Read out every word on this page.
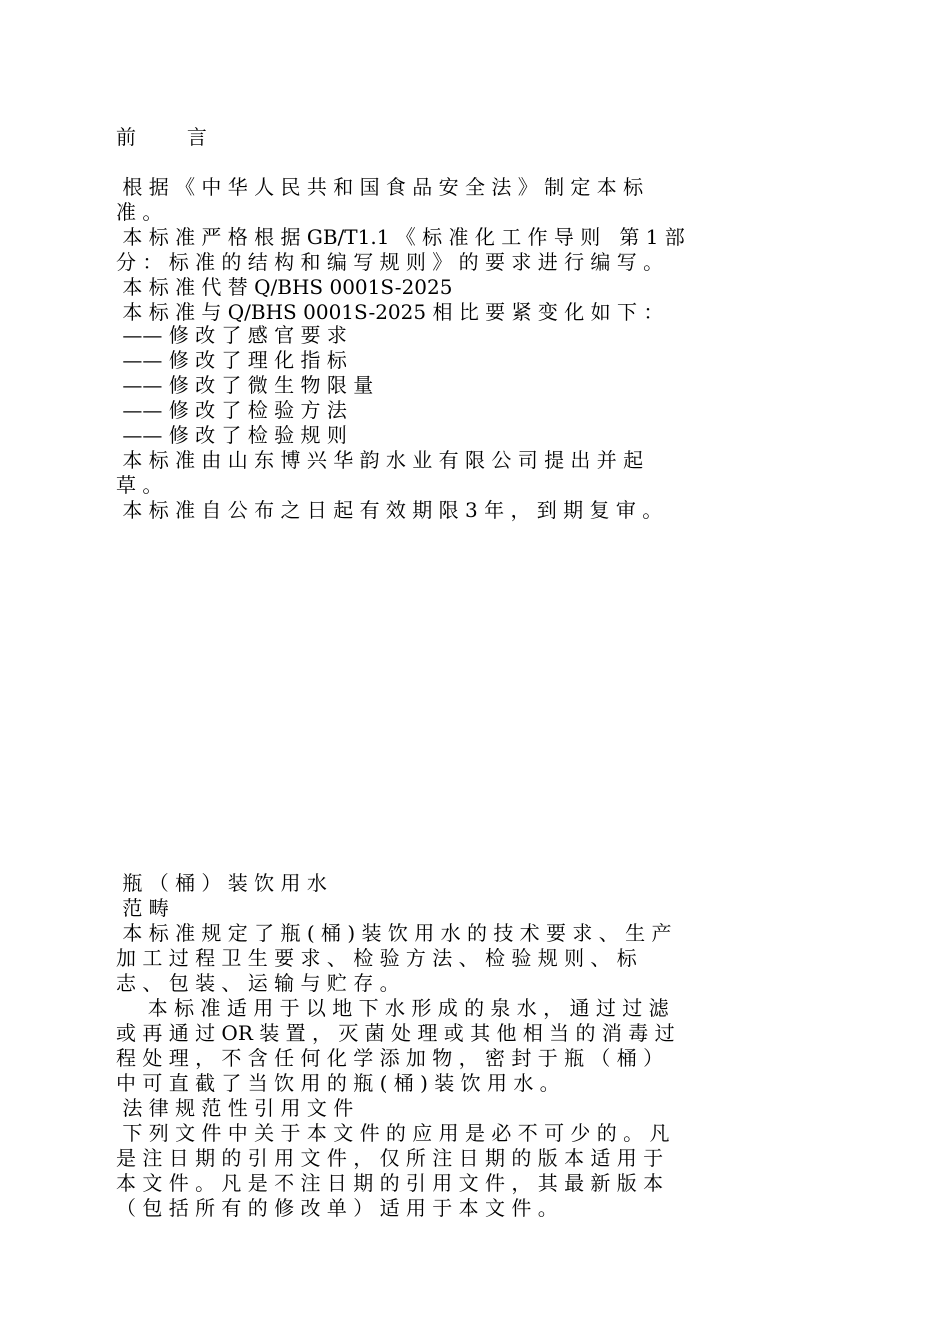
前        言
根 据 《 中 华 人 民 共 和 国 食 品 安 全 法 》 制 定 本 标
准 。
本 标 准 严 格 根 据 GB/T1.1 《 标 准 化 工 作 导 则   第 1 部
分 ： 标 准 的 结 构 和 编 写 规 则 》 的 要 求 进 行 编 写 。
本 标 准 代 替 Q/BHS 0001S-2025
本 标 准 与 Q/BHS 0001S-2025 相 比 要 紧 变 化 如 下 ：
—— 修 改 了 感 官 要 求
—— 修 改 了 理 化 指 标
—— 修 改 了 微 生 物 限 量
—— 修 改 了 检 验 方 法
—— 修 改 了 检 验 规 则
本 标 准 由 山 东 博 兴 华 韵 水 业 有 限 公 司 提 出 并 起
草 。
本 标 准 自 公 布 之 日 起 有 效 期 限 3 年 ， 到 期 复 审 。
瓶 （ 桶 ） 装 饮 用 水
范 畴
本 标 准 规 定 了 瓶 ( 桶 ) 装 饮 用 水 的 技 术 要 求 、 生 产
加 工 过 程 卫 生 要 求 、 检 验 方 法 、 检 验 规 则 、 标
志 、 包 装 、 运 输 与 贮 存 。
本 标 准 适 用 于 以 地 下 水 形 成 的 泉 水 ， 通 过 过 滤
或 再 通 过 OR 装 置 ， 灭 菌 处 理 或 其 他 相 当 的 消 毒 过
程 处 理 ， 不 含 任 何 化 学 添 加 物 ， 密 封 于 瓶 （ 桶 ）
中 可 直 截 了 当 饮 用 的 瓶 ( 桶 ) 装 饮 用 水 。
法 律 规 范 性 引 用 文 件
下 列 文 件 中 关 于 本 文 件 的 应 用 是 必 不 可 少 的 。 凡
是 注 日 期 的 引 用 文 件 ， 仅 所 注 日 期 的 版 本 适 用 于
本 文 件 。 凡 是 不 注 日 期 的 引 用 文 件 ， 其 最 新 版 本
（ 包 括 所 有 的 修 改 单 ） 适 用 于 本 文 件 。
